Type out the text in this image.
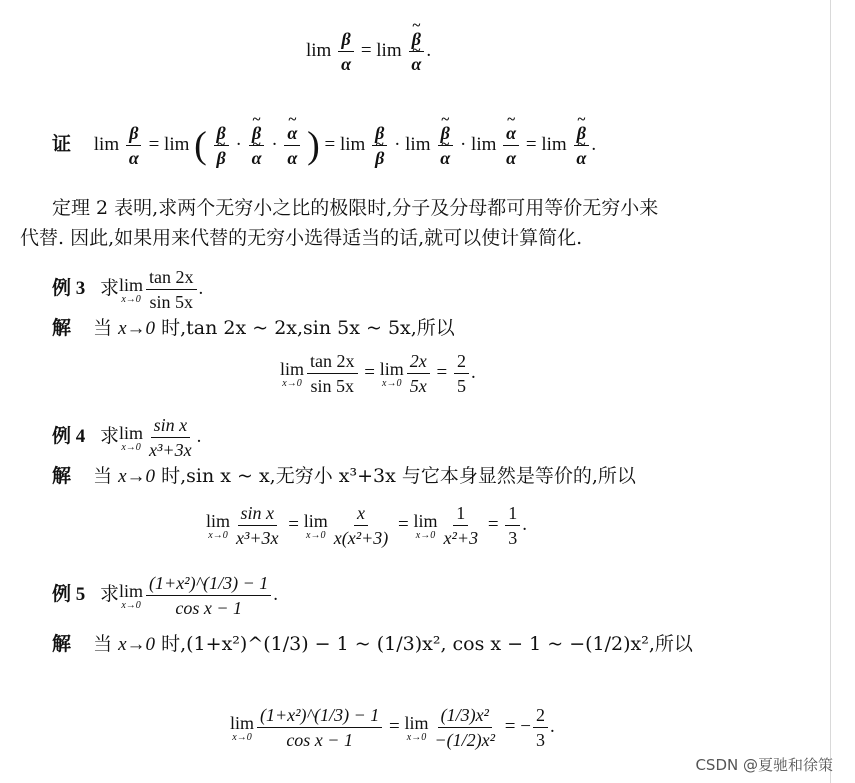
$\lim \frac{\beta}{\alpha} = \lim$ ~ β
~ α .
证 $\lim \frac{\beta}{\alpha} = \lim$ ( β
~ β · ~ β
~ α · ~ $\frac{\alpha}{\alpha}$ ) = lim β
~ β · lim ~ β
~ α · lim ~ $\frac{\alpha}{\alpha} = \lim$ ~ β
~ α .
定理 2 表明,求两个无穷小之比的极限时,分子及分母都可用等价无穷小来
代替. 因此,如果用来代替的无穷小选得适当的话,就可以使计算简化.
例 3 求 lim
$x\to 0 \frac{\tan 2x}{\sin 5x}$ .
解 当 x→0 时,tan 2x ~ 2x,sin 5x ~ 5x,所以
lim
$x\to 0 \frac{\tan 2x}{\sin 5x} = \lim$
$x\to 0 \frac{2x}{5x} = \frac{2}{5}$ .
例 4 求 lim
$x\to 0 \frac{\text{sin x}}{\text{x³+3x}}$ .
解 当 x→0 时,sin x ~ x,无穷小 x³+3x 与它本身显然是等价的,所以
lim
$x\to 0 \frac{\text{sin x}}{\text{x³+3x}} = \lim$
$x\to 0 \frac{x}{\text{x(x²+3)}} = \lim$
$x\to 0 \frac{1}{\text{x²+3}} = \frac{1}{3}$ .
例 5 求 lim
$x\to 0 \frac{\text{(1+x²)\textasciicircum{}(1/3) − 1}}{\text{cos x − 1}}$ .
解 当 x→0 时,(1+x²)^(1/3) − 1 ~ (1/3)x², cos x − 1 ~ −(1/2)x²,所以
lim
$x\to 0 \frac{\text{(1+x²)\textasciicircum{}(1/3) − 1}}{\text{cos x − 1}} = \lim$
$x\to 0 \frac{\text{(1/3)x²}}{\text{−(1/2)x²}}$ = − $\frac{2}{3}$ .
CSDN @夏驰和徐策
